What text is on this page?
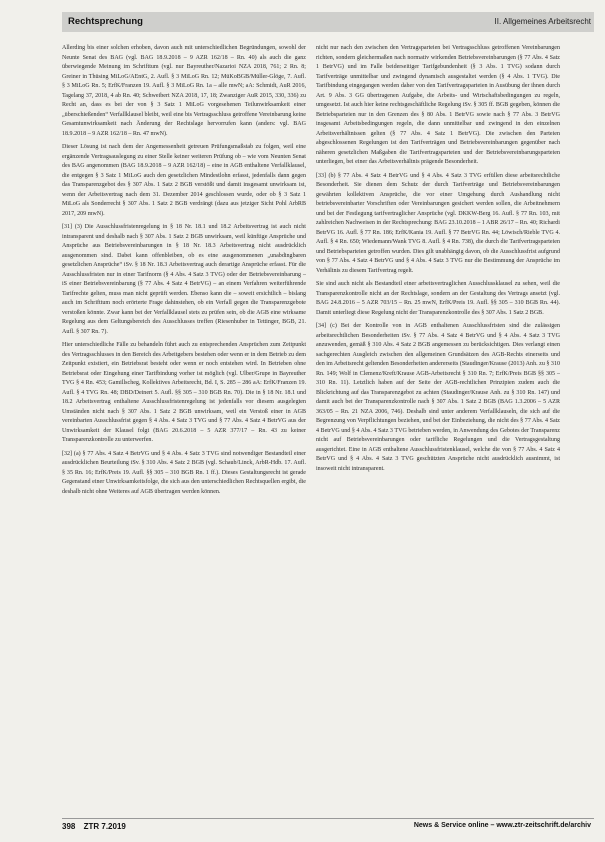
Rechtsprechung	II. Allgemeines Arbeitsrecht

Allerding bis einer solchen erhoben, davon auch mit unterschiedlichen Begründungen, sowohl der Neunte Senat des BAG (vgl. BAG 18.9.2018 – 9 AZR 162/18 – Rn. 40) als auch die ganz überwiegende Meinung im Schrifttum (vgl. nur Bayreuther/Nazarioi NZA 2018, 761; 2 Rn. 8; Greiner in Thüsing MiLoG/AEntG, 2. Aufl. § 3 MiLoG Rn. 12; MüKoBGB/Müller-Glöge, 7. Aufl. § 3 MiLoG Rn. 5; ErfK/Franzen 19. Aufl. § 3 MiLoG Rn. 1a – alle mwN; aA: Schmidt, AuR 2016, Tagelang 37, 2018, 4 ab Rn. 40; Schweibert NZA 2018, 17, 18; Zwanziger AuR 2015, 330, 336) zu Recht an, dass es bei der von § 3 Satz 1 MiLoG vorgesehenen Teilunwirksamkeit einer „überschießenden“ Verfallklausel bleibt, weil eine bis Vertragsschluss getroffene Vereinbarung keine Gesamtunwirksamkeit nach Änderung der Rechtslage hervorrufen kann (anders: vgl. BAG 18.9.2018 – 9 AZR 162/18 – Rn. 47 mwN).

Dieser Lösung ist nach dem der Angemessenheit getreuen Prüfungsmaßstab zu folgen, weil eine ergänzende Vertragsauslegung zu einer Stelle keiner weiteren Prüfung ob – wie vom Neunten Senat des BAG angenommen (BAG 18.9.2018 – 9 AZR 162/18) – eine in AGB enthaltene Verfallklausel, die entgegen § 3 Satz 1 MiLoG auch den gesetzlichen Mindestlohn erfasst, jedenfalls dann gegen das Transparenzgebot des § 307 Abs. 1 Satz 2 BGB verstößt und damit insgesamt unwirksam ist, wenn der Arbeitsvertrag nach dem 31. Dezember 2014 geschlossen wurde, oder ob § 3 Satz 1 MiLoG als Sonderrecht § 307 Abs. 1 Satz 2 BGB verdrängt (dazu aus jetziger Sicht Pohl ArbRB 2017, 209 mwN).

[31] (3) Die Ausschlussfristenregelung in § 18 Nr. 18.1 und 18.2 Arbeitsvertrag ist auch nicht intransparent und deshalb nach § 307 Abs. 1 Satz 2 BGB unwirksam, weil künftige Ansprüche und Ansprüche aus Betriebsvereinbarungen in § 18 Nr. 18.3 Arbeitsvertrag nicht ausdrücklich ausgenommen sind. Dabei kann offenbleiben, ob es eine ausgenommenen „unabdingbaren gesetzlichen Ansprüche“ iSv. § 18 Nr. 18.3 Arbeitsvertrag auch derartige Ansprüche erfasst. Für die Ausschlussfristen nur in einer Tarifnorm (§ 4 Abs. 4 Satz 3 TVG) oder der Betriebsvereinbarung – iS einer Betriebsvereinbarung (§ 77 Abs. 4 Satz 4 BetrVG) – an einem Verfahren weiterführende Tarifrechte gelten, muss man nicht geprüft werden. Ebenso kann die – soweit ersichtlich – bislang auch im Schrifttum noch erörterte Frage dahinstehen, ob ein Verfall gegen die Transparenzgebote verstoßen könnte. Zwar kann bei der Verfallklausel stets zu prüfen sein, ob die AGB eine wirksame Regelung aus dem Geltungsbereich des Ausschlusses treffen (Riesenhuber in Tettinger, BGB, 21. Aufl. § 307 Rn. 7).

Hier unterschiedliche Fälle zu behandeln führt auch zu entsprechenden Ansprüchen zum Zeitpunkt des Vertragsschlusses in den Bereich des Arbeitgebers bestehen oder wenn er in dem Betrieb zu dem Zeitpunkt existiert, ein Betriebsrat besteht oder wenn er noch entstehen wird. In Betrieben ohne Betriebsrat oder Eingehung einer Tarifbindung vorher ist möglich (vgl. Ulber/Grupe in Bayreuther TVG § 4 Rn. 453; Gamillscheg, Kollektives Arbeitsrecht, Bd. I, S. 285 – 286 aA: ErfK/Franzen 19. Aufl. § 4 TVG Rn. 48; DBD/Deinert 5. Aufl. §§ 305 – 310 BGB Rn. 70). Die in § 18 Nr. 18.1 und 18.2 Arbeitsvertrag enthaltene Ausschlussfristenregelung ist jedenfalls vor diesem ausgelegten Umständen nicht nach § 307 Abs. 1 Satz 2 BGB unwirksam, weil ein Verstoß einer in AGB vereinbarten Ausschlussfrist gegen § 4 Abs. 4 Satz 3 TVG und § 77 Abs. 4 Satz 4 BetrVG aus der Unwirksamkeit der Klausel folgt (BAG 20.6.2018 – 5 AZR 377/17 – Rn. 43 zu keiner Transparenzkontrolle zu unterwerfen.

[32] (a) § 77 Abs. 4 Satz 4 BetrVG und § 4 Abs. 4 Satz 3 TVG sind notwendiger Bestandteil einer ausdrücklichen Beurteilung iSv. § 310 Abs. 4 Satz 2 BGB (vgl. Schaub/Linck, ArbR-Hdb. 17. Aufl. § 35 Rn. 16; ErfK/Preis 19. Aufl. §§ 305 – 310 BGB Rn. 1 ff.). Dieses Gestaltungsrecht ist gerade Gegenstand einer Unwirksamkeitsfolge, die sich aus den unterschiedlichen Rechtsquellen ergibt, die deshalb nicht ohne Weiteres auf AGB übertragen werden können.

nicht nur nach den zwischen den Vertragsparteien bei Vertragsschluss getroffenen Vereinbarungen richten, sondern gleichermaßen nach normativ wirkenden Betriebsvereinbarungen (§ 77 Abs. 4 Satz 1 BetrVG) und im Falle beiderseitiger Tarifgebundenheit (§ 3 Abs. 1 TVG) sodann durch Tarifverträge unmittelbar und zwingend dynamisch ausgestaltet werden (§ 4 Abs. 1 TVG). Die Tarifbindung eingegangen werden daher von den Tarifvertragsparteien in Ausübung der ihnen durch Art. 9 Abs. 3 GG übertragenen Aufgabe, die Arbeits- und Wirtschaftsbedingungen zu regeln, umgesetzt. Ist auch hier keine rechtsgeschäftliche Regelung iSv. § 305 ff. BGB gegeben, können die Betriebsparteien nur in den Grenzen des § 80 Abs. 1 BetrVG sowie nach § 77 Abs. 3 BetrVG insgesamt Arbeitsbedingungen regeln, die dann unmittelbar und zwingend in den einzelnen Arbeitsverhältnissen gelten (§ 77 Abs. 4 Satz 1 BetrVG). Die zwischen den Parteien abgeschlossenen Regelungen ist den Tarifverträgen und Betriebsvereinbarungen gegenüber nach näheren gesetzlichen Maßgaben die Tarifvertragsparteien und der Betriebsvereinbarungsparteien unterliegen, bei einer das Arbeitsverhältnis prägende Besonderheit.

[33] (b) § 77 Abs. 4 Satz 4 BetrVG und § 4 Abs. 4 Satz 3 TVG erfüllen diese arbeitsrechtliche Besonderheit. Sie dienen dem Schutz der durch Tarifverträge und Betriebsvereinbarungen gewährten kollektiven Ansprüche, die vor einer Umgehung durch Aushandlung nicht betriebsvereinbarter Vorschriften oder Vereinbarungen gesichert werden sollen, die Arbeitnehmern und bei der Festlegung tarifvertraglicher Ansprüche (vgl. DKKW-Berg 16. Aufl. § 77 Rn. 103, mit zahlreichen Nachweisen in der Rechtsprechung: BAG 23.10.2018 – 1 ABR 26/17 – Rn. 40; Richardi BetrVG 16. Aufl. § 77 Rn. 186; ErfK/Kania 19. Aufl. § 77 BetrVG Rn. 44; Löwisch/Rieble TVG 4. Aufl. § 4 Rn. 650; Wiedemann/Wank TVG 8. Aufl. § 4 Rn. 738), die durch die Tarifvertragsparteien und Betriebsparteien getroffen wurden. Dies gilt unabhängig davon, ob die Ausschlussfrist aufgrund von § 77 Abs. 4 Satz 4 BetrVG und § 4 Abs. 4 Satz 3 TVG nur die Bestimmung der Ansprüche im Verhältnis zu diesem Tarifvertrag regelt.

Sie sind auch nicht als Bestandteil einer arbeitsvertraglichen Ausschlussklausel zu sehen, weil die Transparenzkontrolle nicht an der Rechtslage, sondern an der Gestaltung des Vertrags ansetzt (vgl. BAG 24.8.2016 – 5 AZR 703/15 – Rn. 25 mwN, ErfK/Preis 19. Aufl. §§ 305 – 310 BGB Rn. 44). Damit unterliegt diese Regelung nicht der Transparenzkontrolle des § 307 Abs. 1 Satz 2 BGB.

[34] (c) Bei der Kontrolle von in AGB enthaltenen Ausschlussfristen sind die zulässigen arbeitsrechtlichen Besonderheiten iSv. § 77 Abs. 4 Satz 4 BetrVG und § 4 Abs. 4 Satz 3 TVG anzuwenden, gemäß § 310 Abs. 4 Satz 2 BGB angemessen zu berücksichtigen. Dies verlangt einen sachgerechten Ausgleich zwischen den allgemeinen Grundsätzen des AGB-Rechts einerseits und den im Arbeitsrecht geltenden Besonderheiten andererseits (Staudinger/Krause (2013) Anh. zu § 310 Rn. 149; Wolf in Clemenz/Kreft/Krause AGB-Arbeitsrecht § 310 Rn. 7; ErfK/Preis BGB §§ 305 – 310 Rn. 11). Letztlich haben auf der Seite der AGB-rechtlichen Prinzipien zudem auch die Blickrichtung auf das Transparenzgebot zu achten (Staudinger/Krause Anh. zu § 310 Rn. 147) und damit auch bei der Transparenzkontrolle nach § 307 Abs. 1 Satz 2 BGB (BAG 1.3.2006 – 5 AZR 363/05 – Rn. 21 NZA 2006, 746). Deshalb sind unter anderem Verfallklauseln, die sich auf die Begrenzung von Verpflichtungen beziehen, und bei der Einbeziehung, die nicht des § 77 Abs. 4 Satz 4 BetrVG und § 4 Abs. 4 Satz 3 TVG betrieben werden, in Anwendung des Gebotes der Transparenz nicht auf Betriebsvereinbarungen oder tarifliche Regelungen und die Vertragsgestaltung ausgerichtet. Eine in AGB enthaltene Ausschlussfristenklausel, welche die von § 77 Abs. 4 Satz 4 BetrVG und § 4 Abs. 4 Satz 3 TVG geschützten Ansprüche nicht ausdrücklich ausnimmt, ist insoweit nicht intransparent.

398 ZTR 7.2019	News & Service online – www.ztr-zeitschrift.de/archiv
